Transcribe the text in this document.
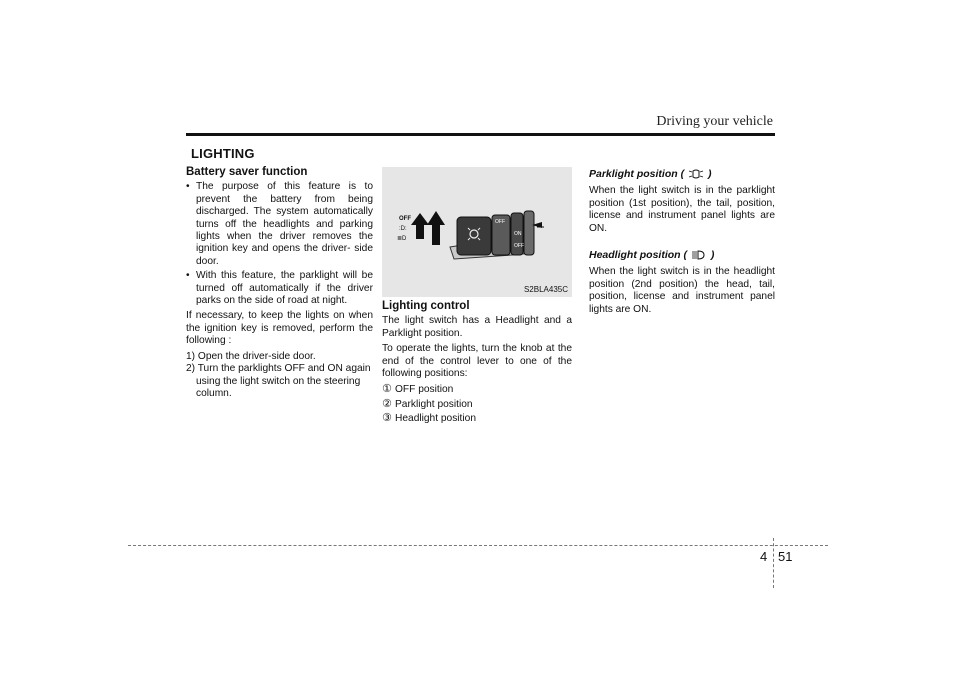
Driving your vehicle
LIGHTING
Battery saver function
• The purpose of this feature is to prevent the battery from being discharged. The system automatically turns off the headlights and parking lights when the driver removes the ignition key and opens the driver- side door.
• With this feature, the parklight will be turned off automatically if the driver parks on the side of road at night.

If necessary, to keep the lights on when the ignition key is removed, perform the following :

1) Open the driver-side door.
2) Turn the parklights OFF and ON again using the light switch on the steering column.
OFF
:D:
≣D
OFF
ON
OFF
S2BLA435C
Lighting control

The light switch has a Headlight and a Parklight position.

To operate the lights, turn the knob at the end of the control lever to one of the following positions:

① OFF position
② Parklight position
③ Headlight position
Parklight position ( )

When the light switch is in the parklight position (1st position), the tail, position, license and instrument panel lights are ON.

Headlight position ( )

When the light switch is in the headlight position (2nd position) the head, tail, position, license and instrument panel lights are ON.

4 51
